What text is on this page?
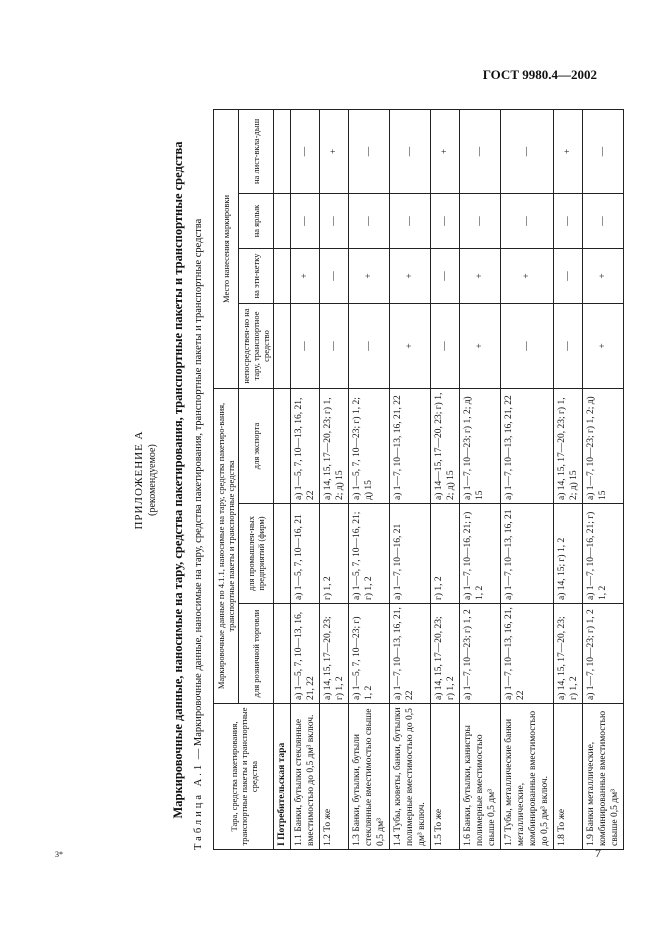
ГОСТ 9980.4—2002
ПРИЛОЖЕНИЕ А (рекомендуемое) Маркировочные данные, наносимые на тару, средства пакетирования, транспортные пакеты и транспортные средства Таблица А.1 — Маркировочные данные, наносимые на тару, средства пакетирования, транспортные пакеты и транспортные средства
Тара, средства пакетирования, транспортные пакеты и транспортные средства	Маркировочные данные по 4.1.1, наносимые на тару, средства пакетиро-вания, транспортные пакеты и транспортные средства			Место нанесения маркировки			
	для розничной торговли	для промышлен-ных предприятий (фирм)	для экспорта	непосредствен-но на тару, транспортное средство	на эти-кетку	на ярлык	на лист-вкла-дыш
I Потребительская тара							
1.1 Банки, бутылки стеклянные вместимостью до 0,5 дм³ включ.	а) 1—5, 7, 10—13, 16, 21, 22	а) 1—5, 7, 10—16, 21	а) 1—5, 7, 10—13, 16, 21, 22	—	+	—	—
1.2 То же	а) 14, 15, 17—20, 23; г) 1, 2	г) 1, 2	а) 14, 15, 17—20, 23; г) 1, 2; д) 15	—	—	—	+
1.3 Банки, бутылки, бутыли стеклянные вместимостью свыше 0,5 дм³	а) 1—5, 7, 10—23; г) 1, 2	а) 1—5, 7, 10—16, 21; г) 1, 2	а) 1—5, 7, 10—23; г) 1, 2; д) 15	—	+	—	—
1.4 Тубы, кюветы, банки, бутылки полимерные вместимостью до 0,5 дм³ включ.	а) 1—7, 10—13, 16, 21, 22	а) 1—7, 10—16, 21	а) 1—7, 10—13, 16, 21, 22	+	+	—	—
1.5 То же	а) 14, 15, 17—20, 23; г) 1, 2	г) 1, 2	а) 14—15, 17—20, 23; г) 1, 2; д) 15	—	—	—	+
1.6 Банки, бутылки, канистры полимерные вместимостью свыше 0,5 дм³	а) 1—7, 10—23; г) 1, 2	а) 1—7, 10—16, 21; г) 1, 2	а) 1—7, 10—23; г) 1, 2; д) 15	+	+	—	—
1.7 Тубы, металлические банки металлические, комбинированные вместимостью до 0,5 дм³ включ.	а) 1—7, 10—13, 16, 21, 22	а) 1—7, 10—13, 16, 21	а) 1—7, 10—13, 16, 21, 22	—	+	—	—
1.8 То же	а) 14, 15, 17—20, 23; г) 1, 2	а) 14, 15; г) 1, 2	а) 14, 15, 17—20, 23; г) 1, 2; д) 15	—	—	—	+
1.9 Банки металлические, комбинированные вместимостью свыше 0,5 дм³	а) 1—7, 10—23; г) 1, 2	а) 1—7, 10—16, 21; г) 1, 2	а) 1—7, 10—23; г) 1, 2; д) 15	+	+	—	—
7
3*
